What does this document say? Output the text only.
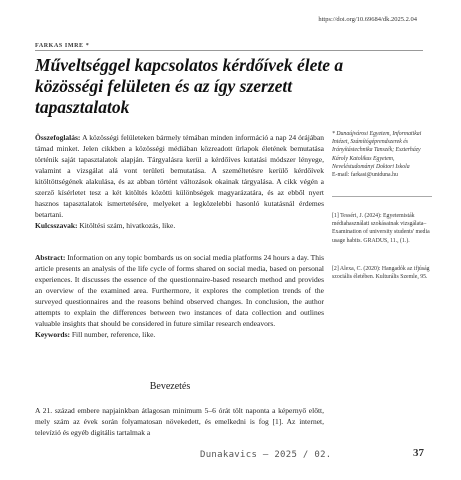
https://doi.org/10.69684/dk.2025.2.04
FARKAS IMRE *
Műveltséggel kapcsolatos kérdőívek élete a közösségi felületen és az így szerzett tapasztalatok
Összefoglalás: A közösségi felületeken bármely témában minden információ a nap 24 órájában támad minket. Jelen cikkben a közösségi médiában közreadott űrlapok életének bemutatása történik saját tapasztalatok alapján. Tárgyalásra kerül a kérdőíves kutatási módszer lényege, valamint a vizsgálat alá vont területi bemutatása. A személtetésre kerülő kérdőívek kitöltöttségének alakulása, és az abban történt változások okainak tárgyalása. A cikk végén a szerző kísérletet tesz a két kitöltés közötti különbségek magyarázatára, és az ebből nyert hasznos tapasztalatok ismertetésére, melyeket a legközelebbi hasonló kutatásnál érdemes betartani.
Kulcsszavak: Kitöltési szám, hivatkozás, like.
Abstract: Information on any topic bombards us on social media platforms 24 hours a day. This article presents an analysis of the life cycle of forms shared on social media, based on personal experiences. It discusses the essence of the questionnaire-based research method and provides an overview of the examined area. Furthermore, it explores the completion trends of the surveyed questionnaires and the reasons behind observed changes. In conclusion, the author attempts to explain the differences between two instances of data collection and outlines valuable insights that should be considered in future similar research endeavors.
Keywords: Fill number, reference, like.
* Dunaújvárosi Egyetem, Informatikai Intézet, Számítógéprendszerek és Irányítástechnika Tanszék; Eszterházy Károly Katolikus Egyetem, Neveléstudományi Doktori Iskola
E-mail: farkasi@uniduna.hu
[1] Tesséri, J. (2024): Egyetemisták médiahasználati szokásainak vizsgálata–Examination of university students' media usage habits. GRADUS, 11., (1.).
[2] Alexa, C. (2020): Hangadók az ifjúság szociális életében. Kulturális Szemle, 95.
Bevezetés
A 21. század embere napjainkban átlagosan minimum 5–6 órát tölt naponta a képernyő előtt, mely szám az évek során folyamatosan növekedett, és emelkedni is fog [1]. Az internet, televízió és egyéb digitális tartalmak a
Dunakavics – 2025 / 02.	37
